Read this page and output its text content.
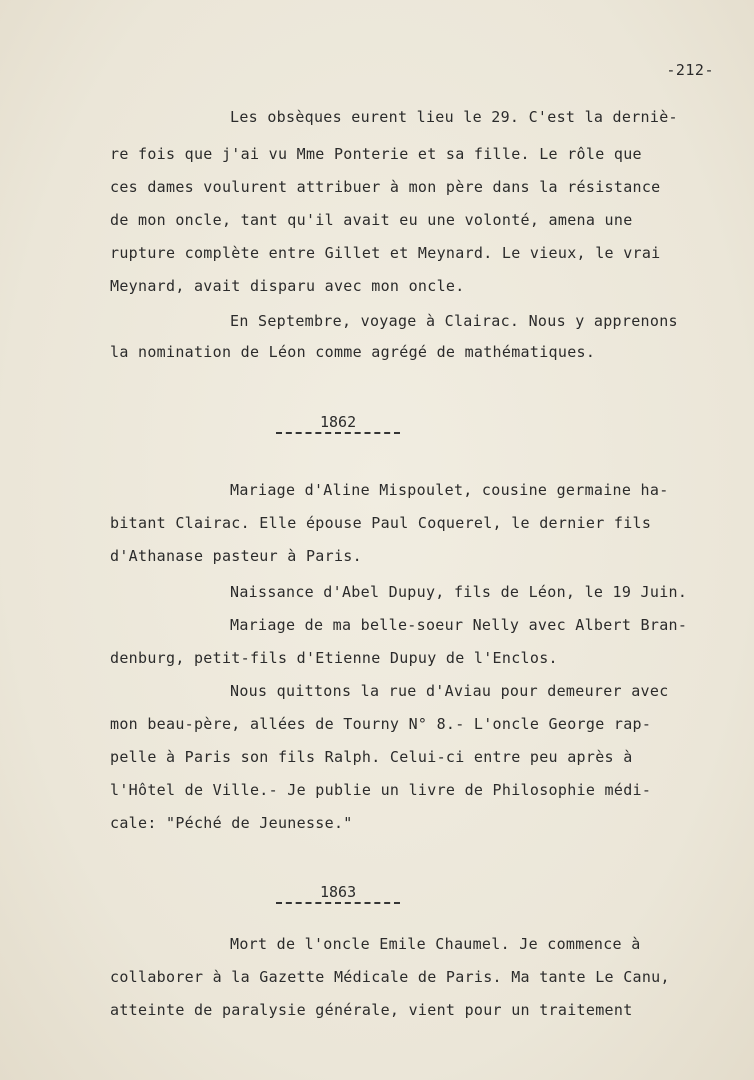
-212-
Les obsèques eurent lieu le 29. C'est la derniè-
re fois que j'ai vu Mme Ponterie et sa fille. Le rôle que
ces dames voulurent attribuer à mon père dans la résistance
de mon oncle, tant qu'il avait eu une volonté, amena une
rupture complète entre Gillet et Meynard. Le vieux, le vrai
Meynard, avait disparu avec mon oncle.
En Septembre, voyage à Clairac. Nous y apprenons
la nomination de Léon comme agrégé de mathématiques.
1862
Mariage d'Aline Mispoulet, cousine germaine ha-
bitant Clairac. Elle épouse Paul Coquerel, le dernier fils
d'Athanase pasteur à Paris.
Naissance d'Abel Dupuy, fils de Léon, le 19 Juin.
Mariage de ma belle-soeur Nelly avec Albert Bran-
denburg, petit-fils d'Etienne Dupuy de l'Enclos.
Nous quittons la rue d'Aviau pour demeurer avec
mon beau-père, allées de Tourny N° 8.- L'oncle George rap-
pelle à Paris son fils Ralph. Celui-ci entre peu après à
l'Hôtel de Ville.- Je publie un livre de Philosophie médi-
cale: "Péché de Jeunesse."
1863
Mort de l'oncle Emile Chaumel. Je commence à
collaborer à la Gazette Médicale de Paris. Ma tante Le Canu,
atteinte de paralysie générale, vient pour un traitement
